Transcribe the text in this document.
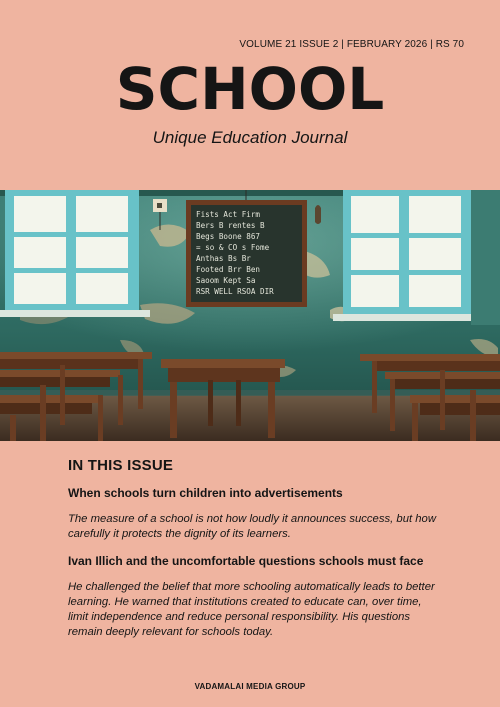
VOLUME 21 ISSUE 2 | FEBRUARY 2026 | RS 70
SCHOOL
Unique Education Journal
Fists Act Firm
Bers B rentes B
Begs Boone 867
= so & CO s Fome
Anthas Bs Br
Footed Brr Ben
Saoom Kept Sa
RSR WELL RSOA DIR
IN THIS ISSUE

When schools turn children into advertisements

The measure of a school is not how loudly it announces success, but how carefully it protects the dignity of its learners.

Ivan Illich and the uncomfortable questions schools must face

He challenged the belief that more schooling automatically leads to better learning. He warned that institutions created to educate can, over time, limit independence and reduce personal responsibility. His questions remain deeply relevant for schools today.

VADAMALAI MEDIA GROUP
